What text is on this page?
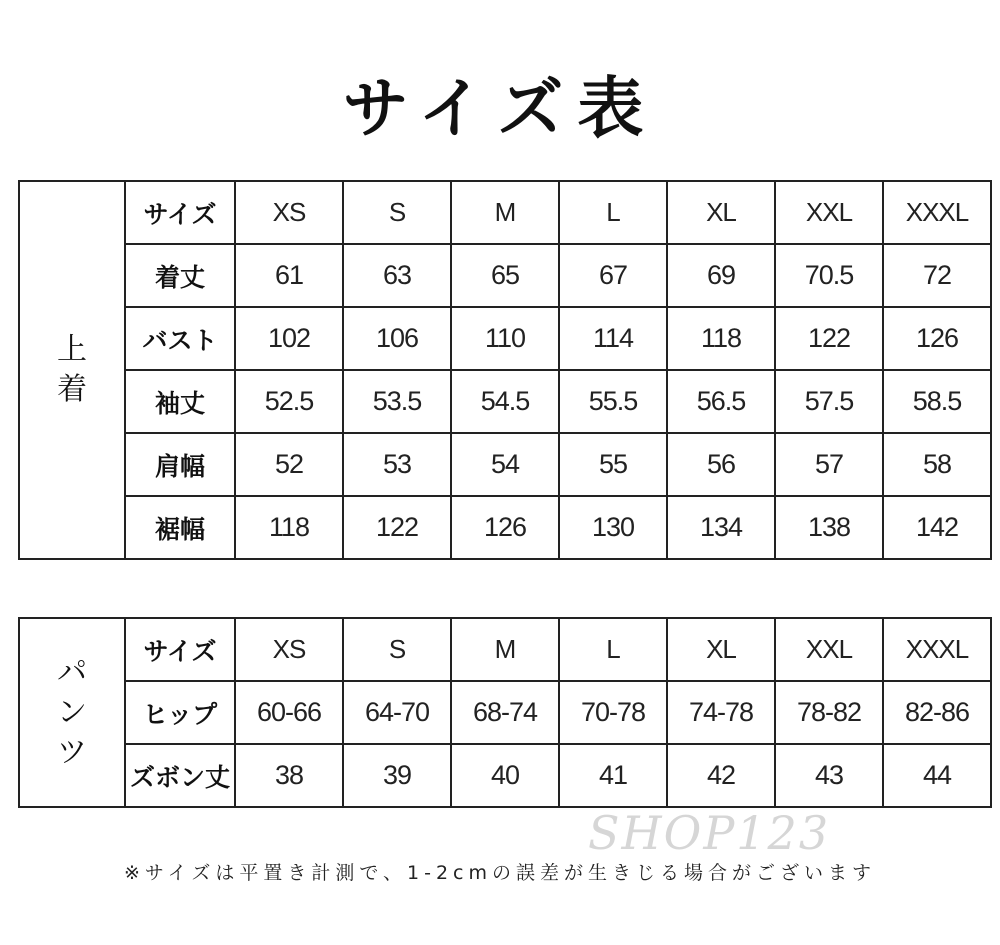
サイズ表
上
着	サイズ	XS	S	M	L	XL	XXL	XXXL
	着丈	61	63	65	67	69	70.5	72
	バスト	102	106	110	114	118	122	126
	袖丈	52.5	53.5	54.5	55.5	56.5	57.5	58.5
	肩幅	52	53	54	55	56	57	58
	裾幅	118	122	126	130	134	138	142
パ
ン
ツ	サイズ	XS	S	M	L	XL	XXL	XXXL
	ヒップ	60-66	64-70	68-74	70-78	74-78	78-82	82-86
	ズボン丈	38	39	40	41	42	43	44
SHOP123
※サイズは平置き計測で、1-2cmの誤差が生きじる場合がございます
